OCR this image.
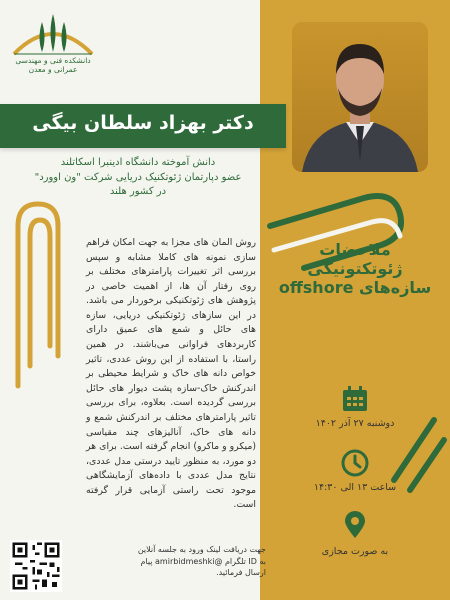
دانشکده فنی و مهندسی
عمرانی و معدن
دکتر بهزاد سلطان بیگی
دانش آموخته دانشگاه ادینبرا اسکاتلند
عضو دپارتمان ژئوتکنیک دریایی شرکت "ون اوورد"
در کشور هلند
ملاحضات
ژئوتکتونیکی
سازه‌های offshore
دوشنبه ۲۷ آذر ۱۴۰۲
ساعت ۱۳ الی ۱۴:۳۰
به صورت مجازی
روش المان های مجزا به جهت امکان فراهم سازی نمونه های کاملا مشابه و سپس بررسی اثر تغییرات پارامترهای مختلف بر روی رفتار آن ها، از اهمیت خاصی در پژوهش های ژئوتکنیکی برخوردار می باشد. در این سازهای ژئوتکنیکی دریایی، سازه های حائل و شمع های عمیق دارای کاربردهای فراوانی می‌باشند. در همین راستا، با استفاده از این روش عددی، تاثیر خواص دانه های خاک و شرایط محیطی بر اندرکنش خاک-سازه پشت دیوار های حائل بررسی گردیده است. بعلاوه، برای بررسی تاثیر پارامترهای مختلف بر اندرکنش شمع و دانه های خاک، آنالیزهای چند مقیاسی (میکرو و ماکرو) انجام گرفته است. برای هر دو مورد، به منظور تایید درستی مدل عددی، نتایج مدل عددی با داده‌های آزمایشگاهی موجود تحت راستی آزمایی قرار گرفته است.
جهت دریافت لینک ورود به جلسه آنلاین
به ID تلگرام @amirbidmeshki پیام
ارسال فرمائید.
